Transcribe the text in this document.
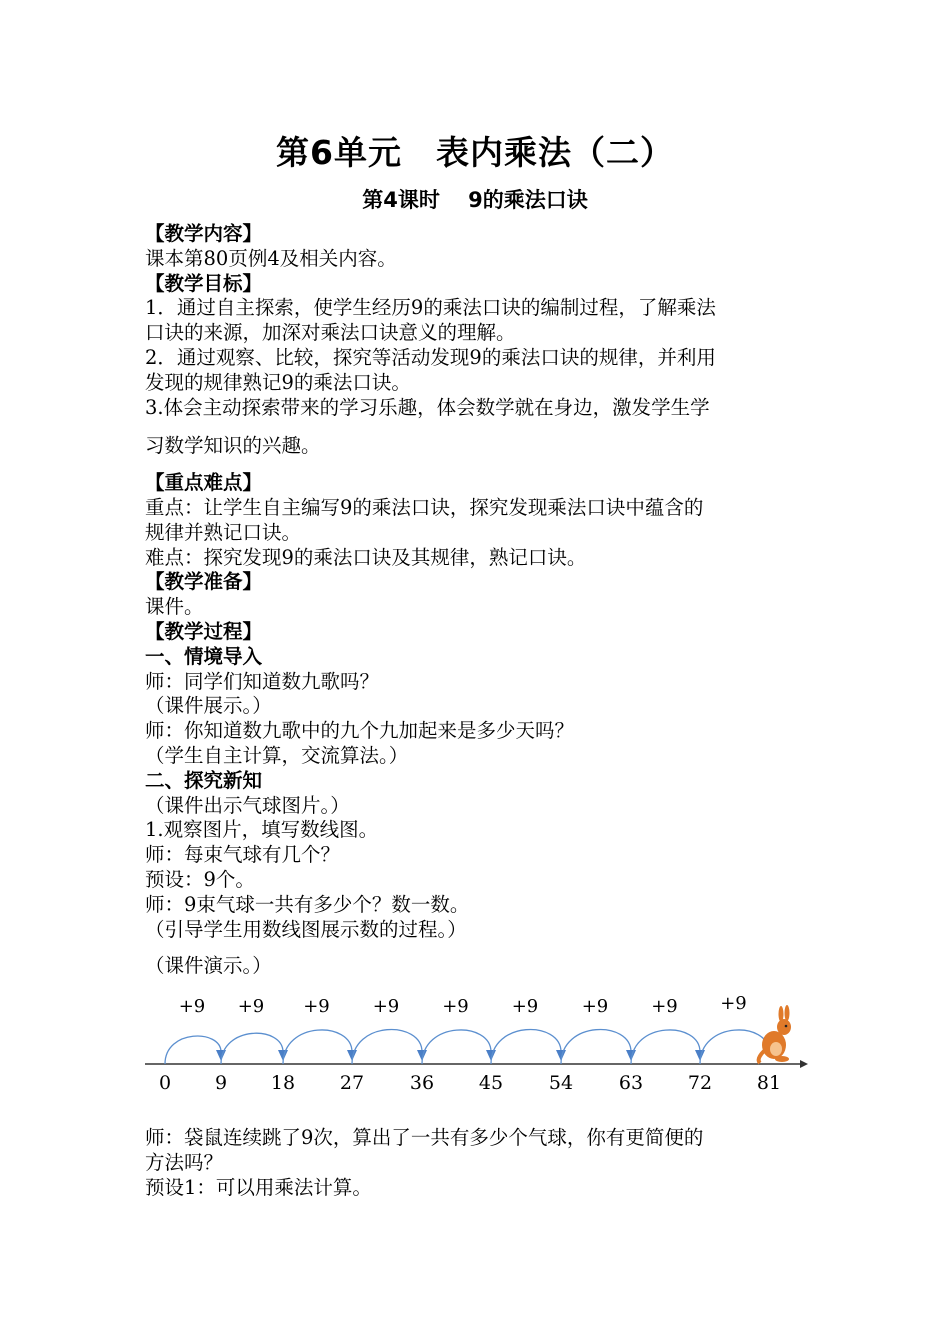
第6单元　表内乘法（二）
第4课时　 9的乘法口诀
【教学内容】
课本第80页例4及相关内容。
【教学目标】
1．通过自主探索，使学生经历9的乘法口诀的编制过程，了解乘法
口诀的来源，加深对乘法口诀意义的理解。
2．通过观察、比较，探究等活动发现9的乘法口诀的规律，并利用
发现的规律熟记9的乘法口诀。
3.体会主动探索带来的学习乐趣，体会数学就在身边，激发学生学
习数学知识的兴趣。
【重点难点】
重点：让学生自主编写9的乘法口诀，探究发现乘法口诀中蕴含的
规律并熟记口诀。
难点：探究发现9的乘法口诀及其规律，熟记口诀。
【教学准备】
课件。
【教学过程】
一、情境导入
师：同学们知道数九歌吗？
（课件展示。）
师：你知道数九歌中的九个九加起来是多少天吗？
（学生自主计算，交流算法。）
二、探究新知
（课件出示气球图片。）
1.观察图片，填写数线图。
师：每束气球有几个？
预设：9个。
师：9束气球一共有多少个？数一数。
（引导学生用数线图展示数的过程。）
（课件演示。）
0 9 18 27 36 45 54 63 72 81
+9 +9 +9 +9 +9 +9 +9 +9 +9
师：袋鼠连续跳了9次，算出了一共有多少个气球，你有更简便的
方法吗？
预设1：可以用乘法计算。
